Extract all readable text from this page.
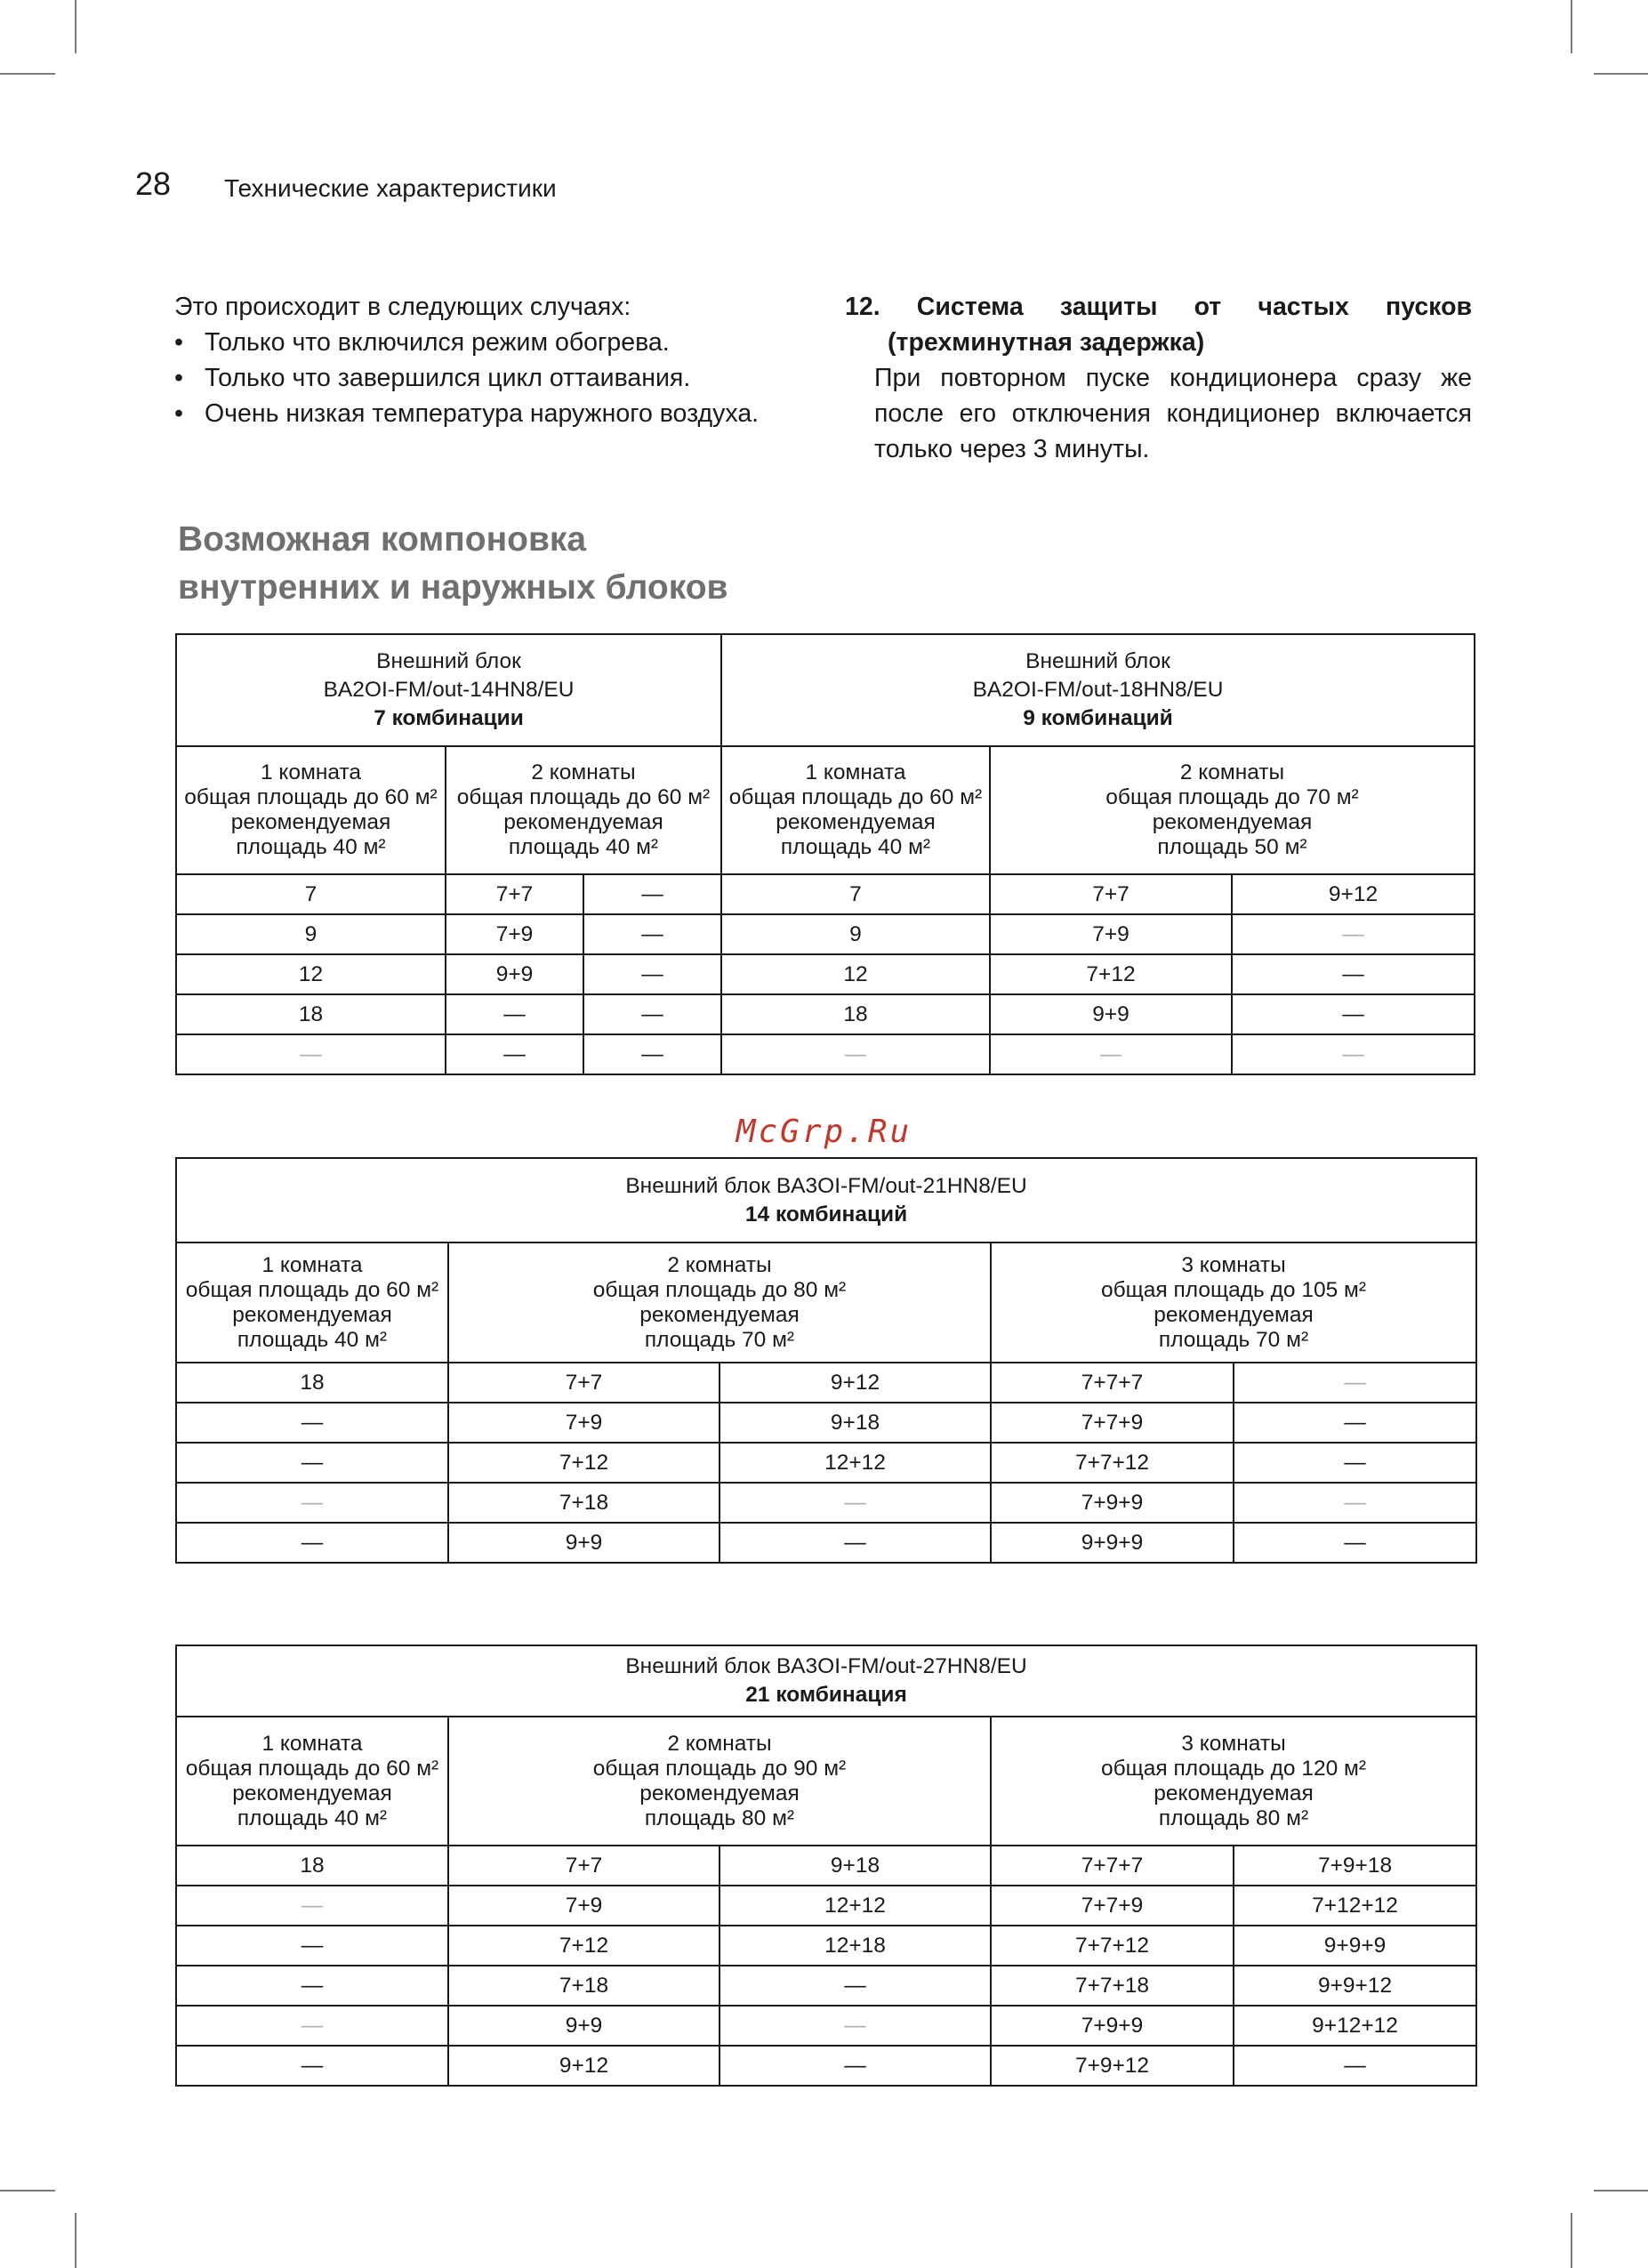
28 Технические характеристики
Это происходит в следующих случаях:
• Только что включился режим обогрева.
• Только что завершился цикл оттаивания.
• Очень низкая температура наружного воздуха.
12. Система защиты от частых пусков (трехминутная задержка)
При повторном пуске кондиционера сразу же после его отключения кондиционер включается только через 3 минуты.
Возможная компоновка
внутренних и наружных блоков
Внешний блок
BA2OI-FM/out-14HN8/EU
7 комбинации			Внешний блок
BA2OI-FM/out-18HN8/EU
9 комбинаций		

1 комната
общая площадь до 60 м²
рекомендуемая
площадь 40 м²	2 комнаты
общая площадь до 60 м²
рекомендуемая
площадь 40 м²		1 комната
общая площадь до 60 м²
рекомендуемая
площадь 40 м²	2 комнаты
общая площадь до 70 м²
рекомендуемая
площадь 50 м²	

7	7+7	—	7	7+7	9+12
9	7+9	—	9	7+9	—
12	9+9	—	12	7+12	—
18	—	—	18	9+9	—
—	—	—	—	—	—
McGrp.Ru
Внешний блок BA3OI-FM/out-21HN8/EU
14 комбинаций				

1 комната
общая площадь до 60 м²
рекомендуемая
площадь 40 м²	2 комнаты
общая площадь до 80 м²
рекомендуемая
площадь 70 м²		3 комнаты
общая площадь до 105 м²
рекомендуемая
площадь 70 м²	

18	7+7	9+12	7+7+7	—
—	7+9	9+18	7+7+9	—
—	7+12	12+12	7+7+12	—
—	7+18	—	7+9+9	—
—	9+9	—	9+9+9	—
Внешний блок BA3OI-FM/out-27HN8/EU
21 комбинация				

1 комната
общая площадь до 60 м²
рекомендуемая
площадь 40 м²	2 комнаты
общая площадь до 90 м²
рекомендуемая
площадь 80 м²		3 комнаты
общая площадь до 120 м²
рекомендуемая
площадь 80 м²	

18	7+7	9+18	7+7+7	7+9+18
—	7+9	12+12	7+7+9	7+12+12
—	7+12	12+18	7+7+12	9+9+9
—	7+18	—	7+7+18	9+9+12
—	9+9	—	7+9+9	9+12+12
—	9+12	—	7+9+12	—
